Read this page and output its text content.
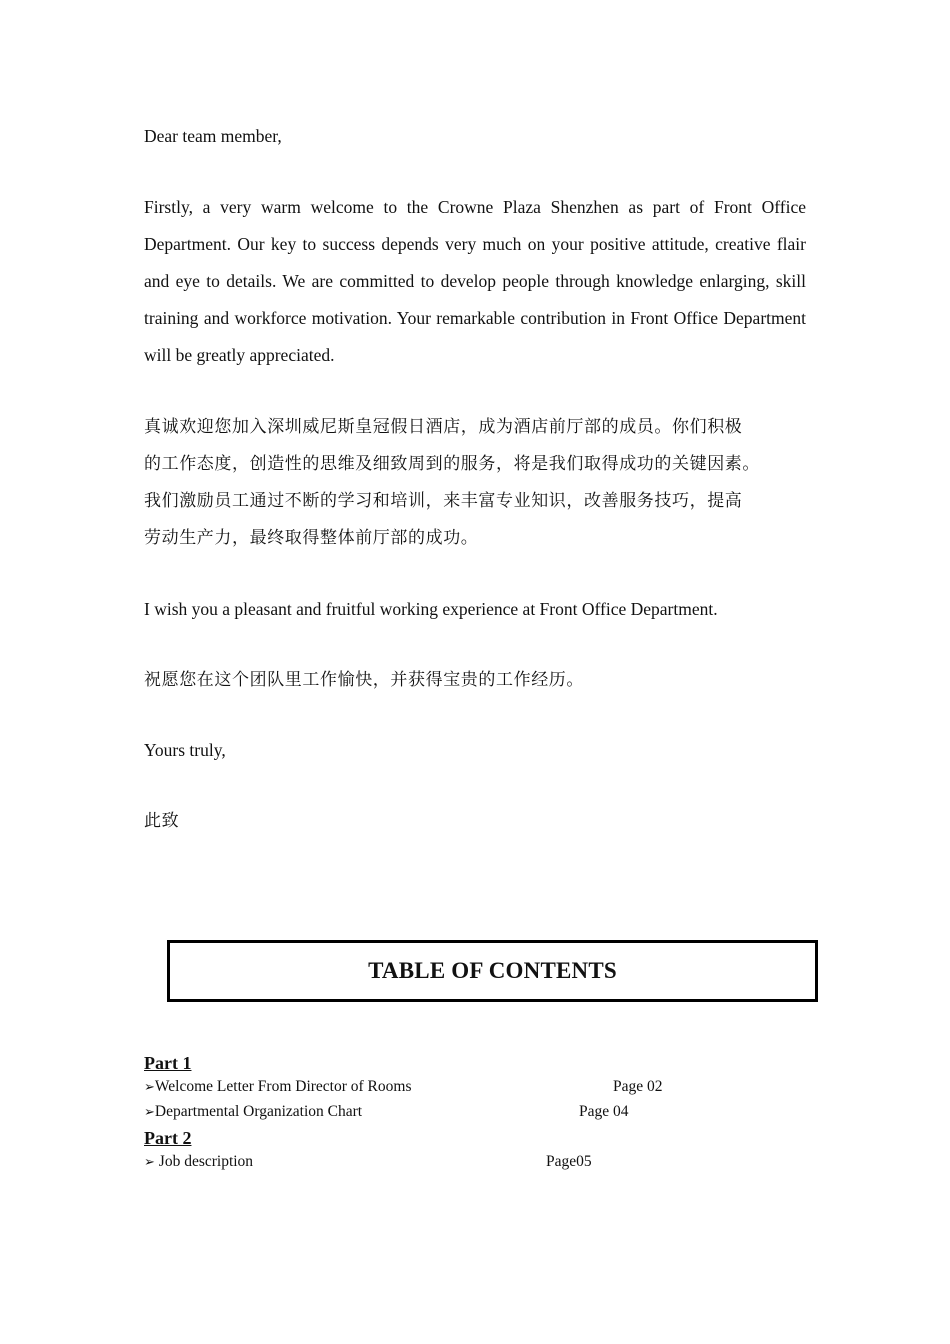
Dear team member,

Firstly, a very warm welcome to the Crowne Plaza Shenzhen as part of Front Office Department. Our key to success depends very much on your positive attitude, creative flair and eye to details. We are committed to develop people through knowledge enlarging, skill training and workforce motivation. Your remarkable contribution in Front Office Department will be greatly appreciated.

真诚欢迎您加入深圳威尼斯皇冠假日酒店，成为酒店前厅部的成员。你们积极
的工作态度，创造性的思维及细致周到的服务，将是我们取得成功的关键因素。
我们激励员工通过不断的学习和培训，来丰富专业知识，改善服务技巧，提高
劳动生产力，最终取得整体前厅部的成功。

I wish you a pleasant and fruitful working experience at Front Office Department.

祝愿您在这个团队里工作愉快，并获得宝贵的工作经历。

Yours truly,

此致

TABLE OF CONTENTS
Part 1
➢Welcome Letter From Director of Rooms	Page 02
➢Departmental Organization Chart	Page 04
Part 2
➢ Job description	Page05
